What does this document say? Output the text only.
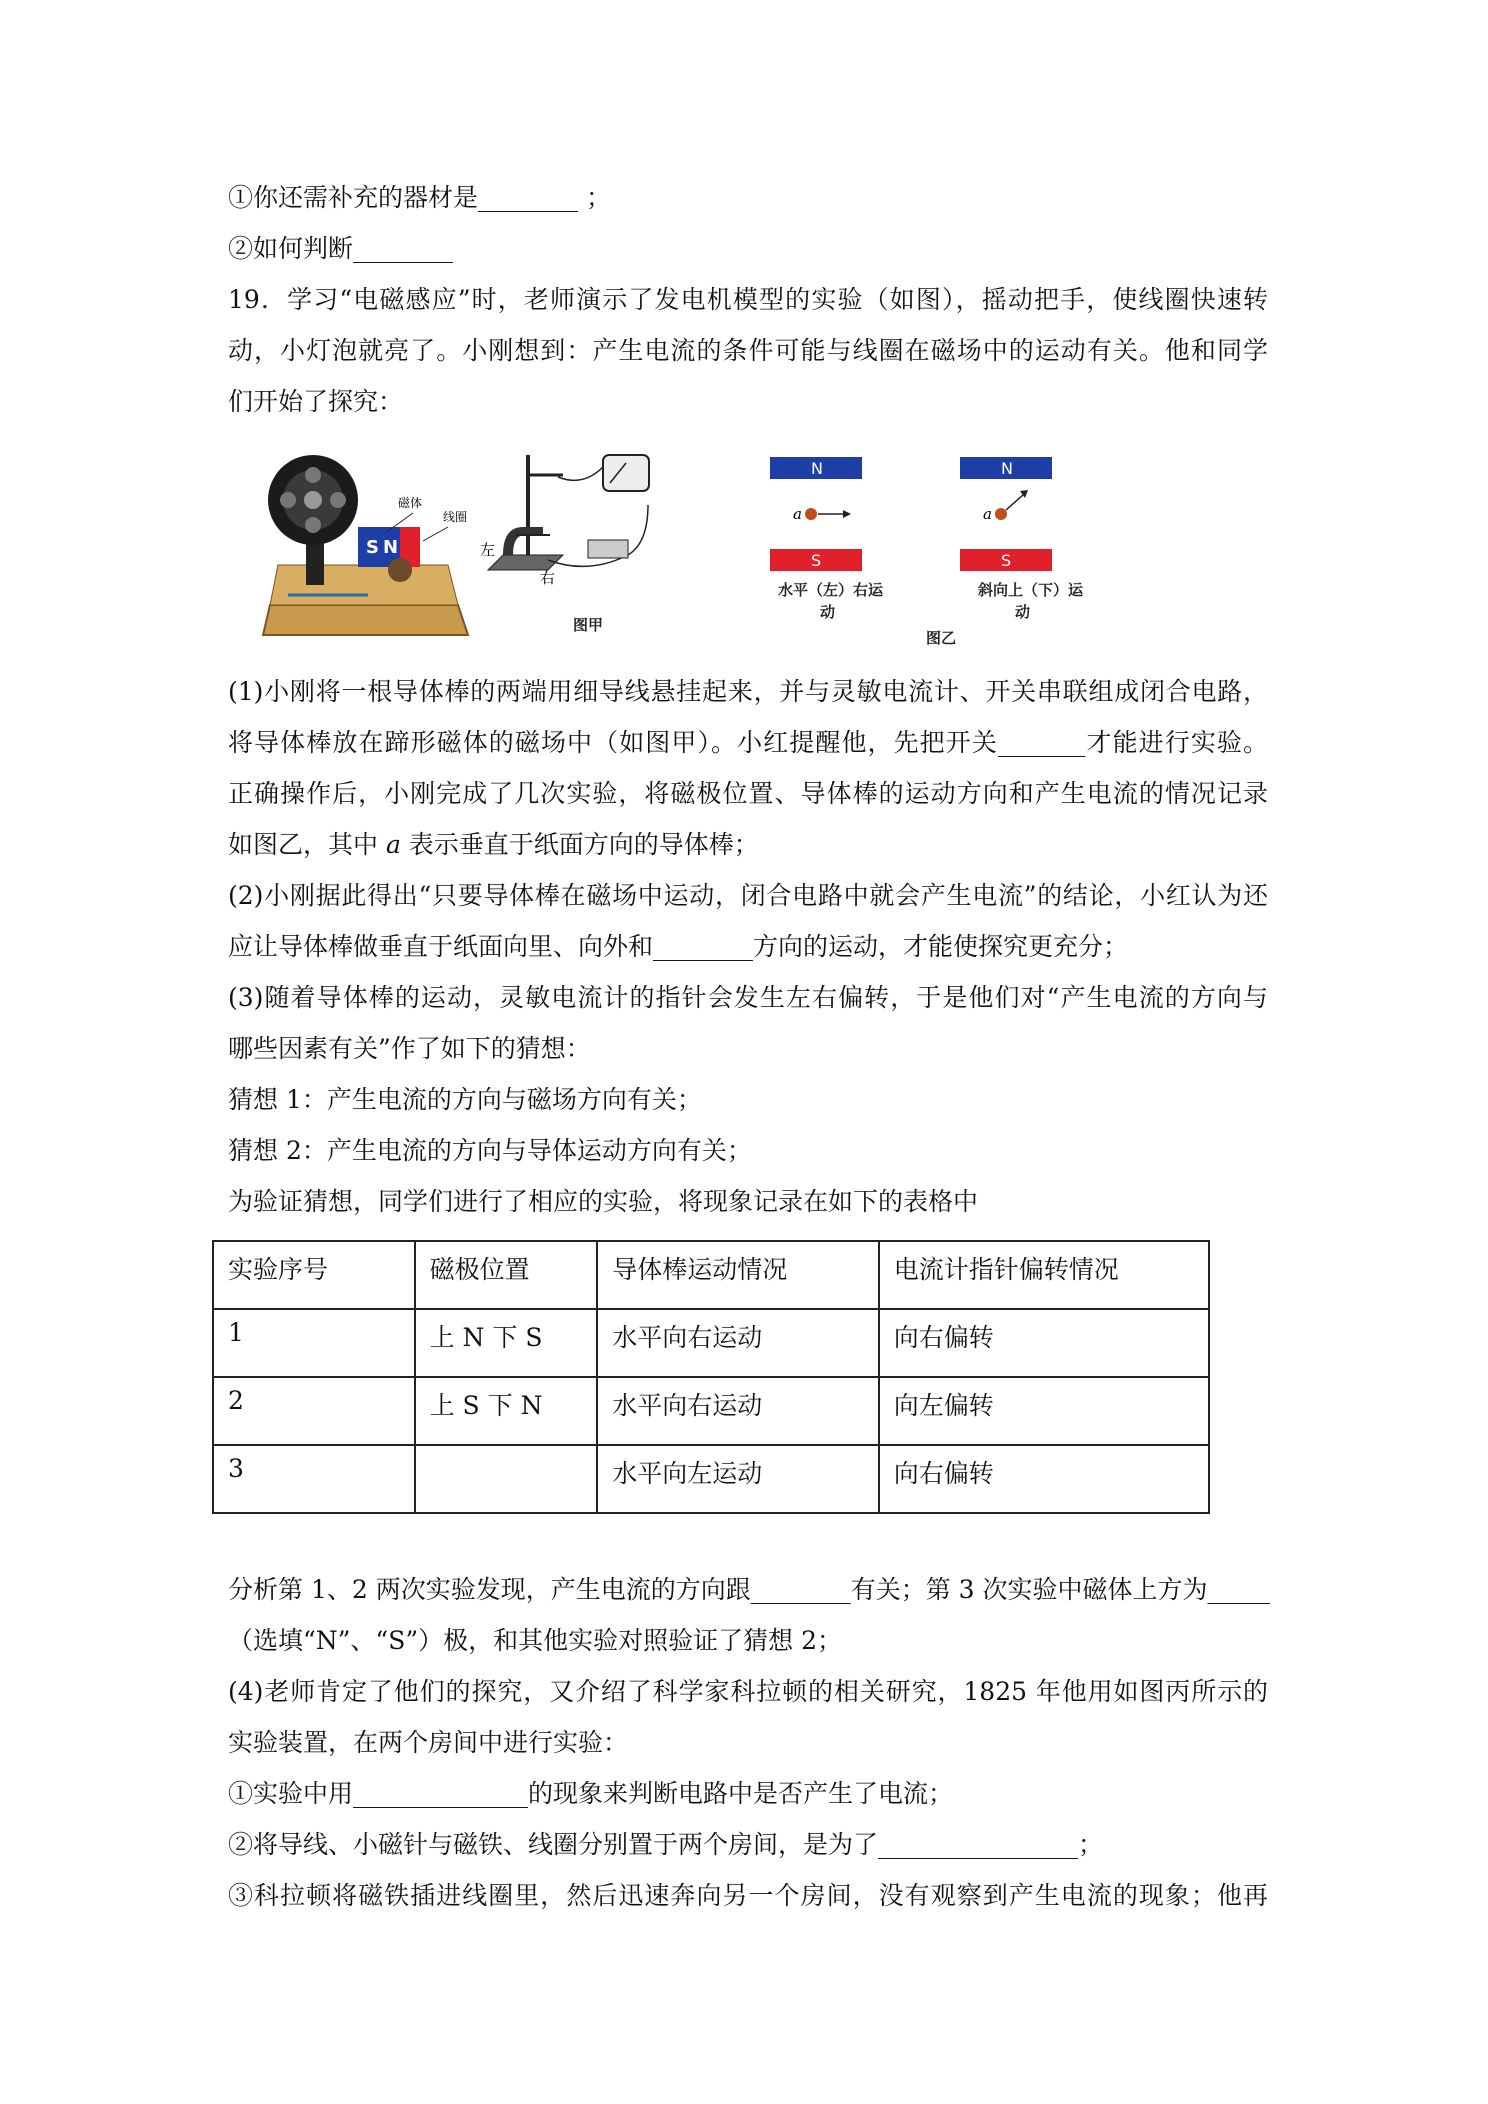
①你还需补充的器材是________ ；
②如何判断________
19．学习“电磁感应”时，老师演示了发电机模型的实验（如图），摇动把手，使线圈快速转
动，小灯泡就亮了。小刚想到：产生电流的条件可能与线圈在磁场中的运动有关。他和同学
们开始了探究：
S N
磁体
线圈
左
右
图甲
N
S
a
水平（左）右运
动
N
S
a
斜向上（下）运
动
图乙
(1)小刚将一根导体棒的两端用细导线悬挂起来，并与灵敏电流计、开关串联组成闭合电路，
将导体棒放在蹄形磁体的磁场中（如图甲）。小红提醒他，先把开关_______才能进行实验。
正确操作后，小刚完成了几次实验，将磁极位置、导体棒的运动方向和产生电流的情况记录
如图乙，其中 a 表示垂直于纸面方向的导体棒；
(2)小刚据此得出“只要导体棒在磁场中运动，闭合电路中就会产生电流”的结论，小红认为还
应让导体棒做垂直于纸面向里、向外和________方向的运动，才能使探究更充分；
(3)随着导体棒的运动，灵敏电流计的指针会发生左右偏转，于是他们对“产生电流的方向与
哪些因素有关”作了如下的猜想：
猜想 1：产生电流的方向与磁场方向有关；
猜想 2：产生电流的方向与导体运动方向有关；
为验证猜想，同学们进行了相应的实验，将现象记录在如下的表格中
实验序号	磁极位置	导体棒运动情况	电流计指针偏转情况
1	上 N 下 S	水平向右运动	向右偏转
2	上 S 下 N	水平向右运动	向左偏转
3		水平向左运动	向右偏转
分析第 1、2 两次实验发现，产生电流的方向跟________有关；第 3 次实验中磁体上方为_____
（选填“N”、“S”）极，和其他实验对照验证了猜想 2；
(4)老师肯定了他们的探究，又介绍了科学家科拉顿的相关研究，1825 年他用如图丙所示的
实验装置，在两个房间中进行实验：
①实验中用______________的现象来判断电路中是否产生了电流；
②将导线、小磁针与磁铁、线圈分别置于两个房间，是为了________________；
③科拉顿将磁铁插进线圈里，然后迅速奔向另一个房间，没有观察到产生电流的现象；他再
